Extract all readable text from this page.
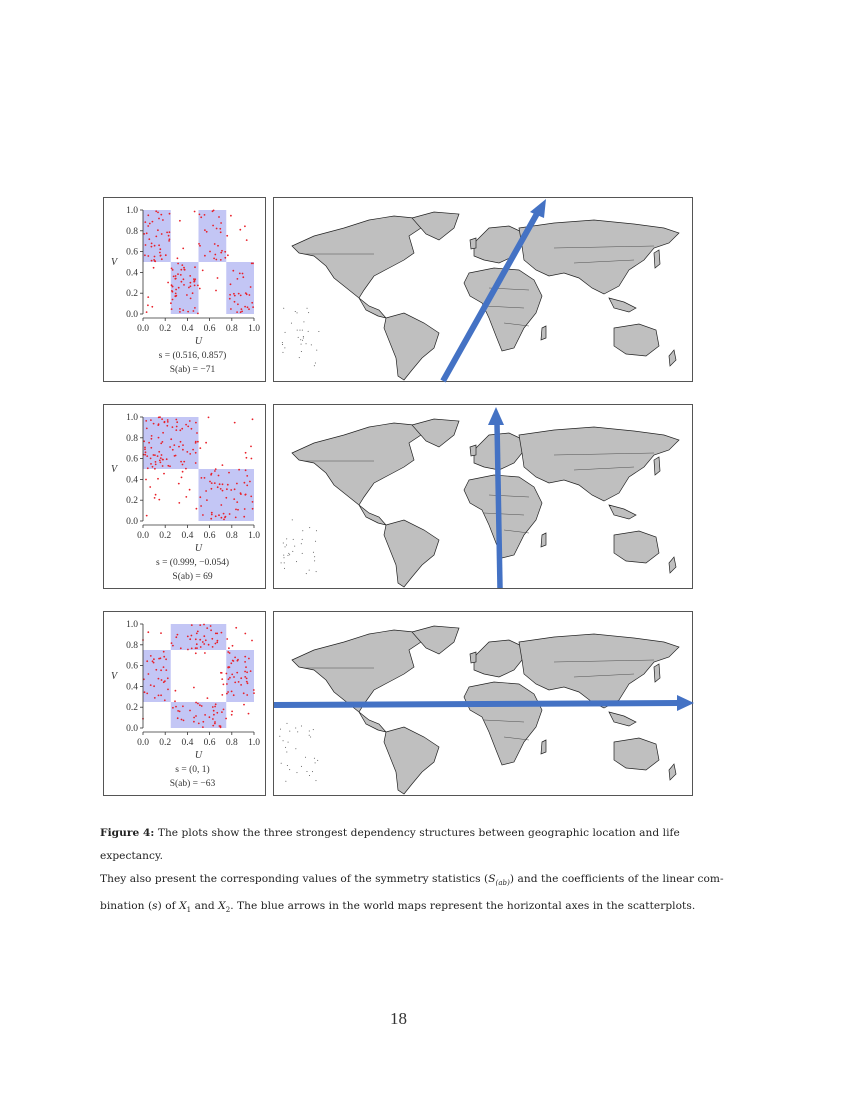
0.0
0.2
0.4
0.6
0.8
1.0
0.0 0.2 0.4 0.6 0.8 1.0
U
V
s = (0.516, 0.857)
S(ab) = −71
0.0
0.2
0.4
0.6
0.8
1.0
0.0 0.2 0.4 0.6 0.8 1.0
U
V
s = (0.999, −0.054)
S(ab) = 69
0.0
0.2
0.4
0.6
0.8
1.0
0.0 0.2 0.4 0.6 0.8 1.0
U
V
s = (0, 1)
S(ab) = −63
Figure 4: The plots show the three strongest dependency structures between geographic location and life expectancy.
They also present the corresponding values of the symmetry statistics $(S_{(ab)})$ and the coefficients of the linear com-
bination (s) of $X_1$ and $X_2$. The blue arrows in the world maps represent the horizontal axes in the scatterplots.
18
